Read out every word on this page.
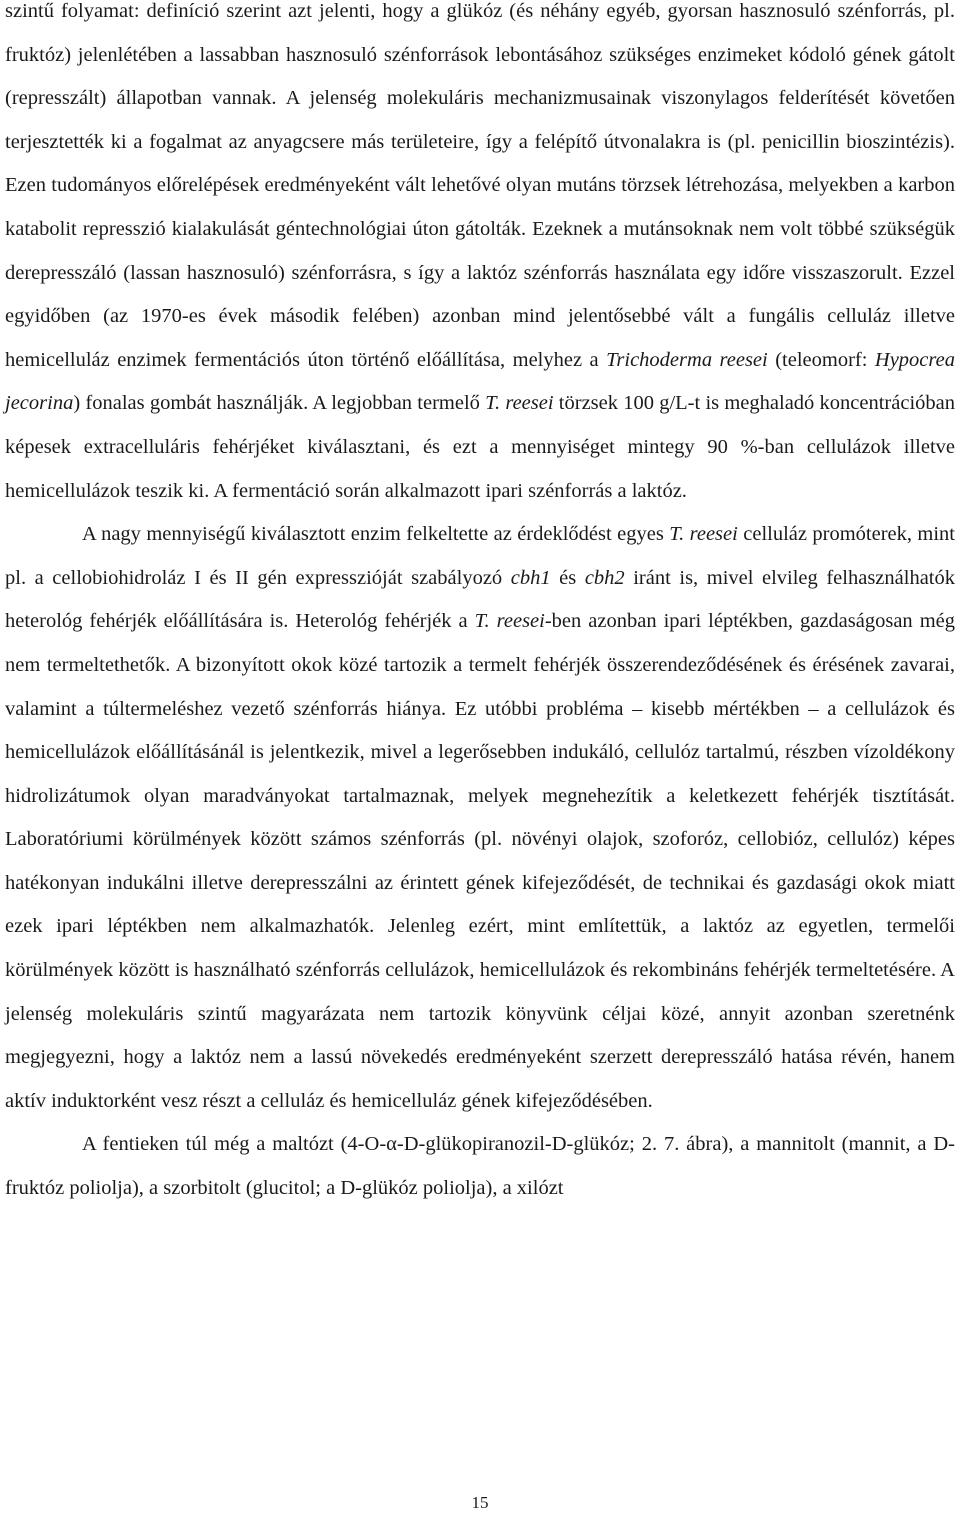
szintű folyamat: definíció szerint azt jelenti, hogy a glükóz (és néhány egyéb, gyorsan hasznosuló szénforrás, pl. fruktóz) jelenlétében a lassabban hasznosuló szénforrások lebontásához szükséges enzimeket kódoló gének gátolt (represszált) állapotban vannak. A jelenség molekuláris mechanizmusainak viszonylagos felderítését követően terjesztették ki a fogalmat az anyagcsere más területeire, így a felépítő útvonalakra is (pl. penicillin bioszintézis). Ezen tudományos előrelépések eredményeként vált lehetővé olyan mutáns törzsek létrehozása, melyekben a karbon katabolit represszió kialakulását géntechnológiai úton gátolták. Ezeknek a mutánsoknak nem volt többé szükségük derepresszáló (lassan hasznosuló) szénforrásra, s így a laktóz szénforrás használata egy időre visszaszorult. Ezzel egyidőben (az 1970-es évek második felében) azonban mind jelentősebbé vált a fungális celluláz illetve hemicelluláz enzimek fermentációs úton történő előállítása, melyhez a Trichoderma reesei (teleomorf: Hypocrea jecorina) fonalas gombát használják. A legjobban termelő T. reesei törzsek 100 g/L-t is meghaladó koncentrációban képesek extracelluláris fehérjéket kiválasztani, és ezt a mennyiséget mintegy 90 %-ban cellulázok illetve hemicellulázok teszik ki. A fermentáció során alkalmazott ipari szénforrás a laktóz.

A nagy mennyiségű kiválasztott enzim felkeltette az érdeklődést egyes T. reesei celluláz promóterek, mint pl. a cellobiohidroláz I és II gén expresszióját szabályozó cbh1 és cbh2 iránt is, mivel elvileg felhasználhatók heterológ fehérjék előállítására is. Heterológ fehérjék a T. reesei-ben azonban ipari léptékben, gazdaságosan még nem termeltethetők. A bizonyított okok közé tartozik a termelt fehérjék összerendeződésének és érésének zavarai, valamint a túltermeléshez vezető szénforrás hiánya. Ez utóbbi probléma – kisebb mértékben – a cellulázok és hemicellulázok előállításánál is jelentkezik, mivel a legerősebben indukáló, cellulóz tartalmú, részben vízoldékony hidrolizátumok olyan maradványokat tartalmaznak, melyek megnehezítik a keletkezett fehérjék tisztítását. Laboratóriumi körülmények között számos szénforrás (pl. növényi olajok, szoforóz, cellobióz, cellulóz) képes hatékonyan indukálni illetve derepresszálni az érintett gének kifejeződését, de technikai és gazdasági okok miatt ezek ipari léptékben nem alkalmazhatók. Jelenleg ezért, mint említettük, a laktóz az egyetlen, termelői körülmények között is használható szénforrás cellulázok, hemicellulázok és rekombináns fehérjék termeltetésére. A jelenség molekuláris szintű magyarázata nem tartozik könyvünk céljai közé, annyit azonban szeretnénk megjegyezni, hogy a laktóz nem a lassú növekedés eredményeként szerzett derepresszáló hatása révén, hanem aktív induktorként vesz részt a celluláz és hemicelluláz gének kifejeződésében.

A fentieken túl még a maltózt (4-O-α-D-glükopiranozil-D-glükóz; 2. 7. ábra), a mannitolt (mannit, a D-fruktóz poliolja), a szorbitolt (glucitol; a D-glükóz poliolja), a xilózt

15
